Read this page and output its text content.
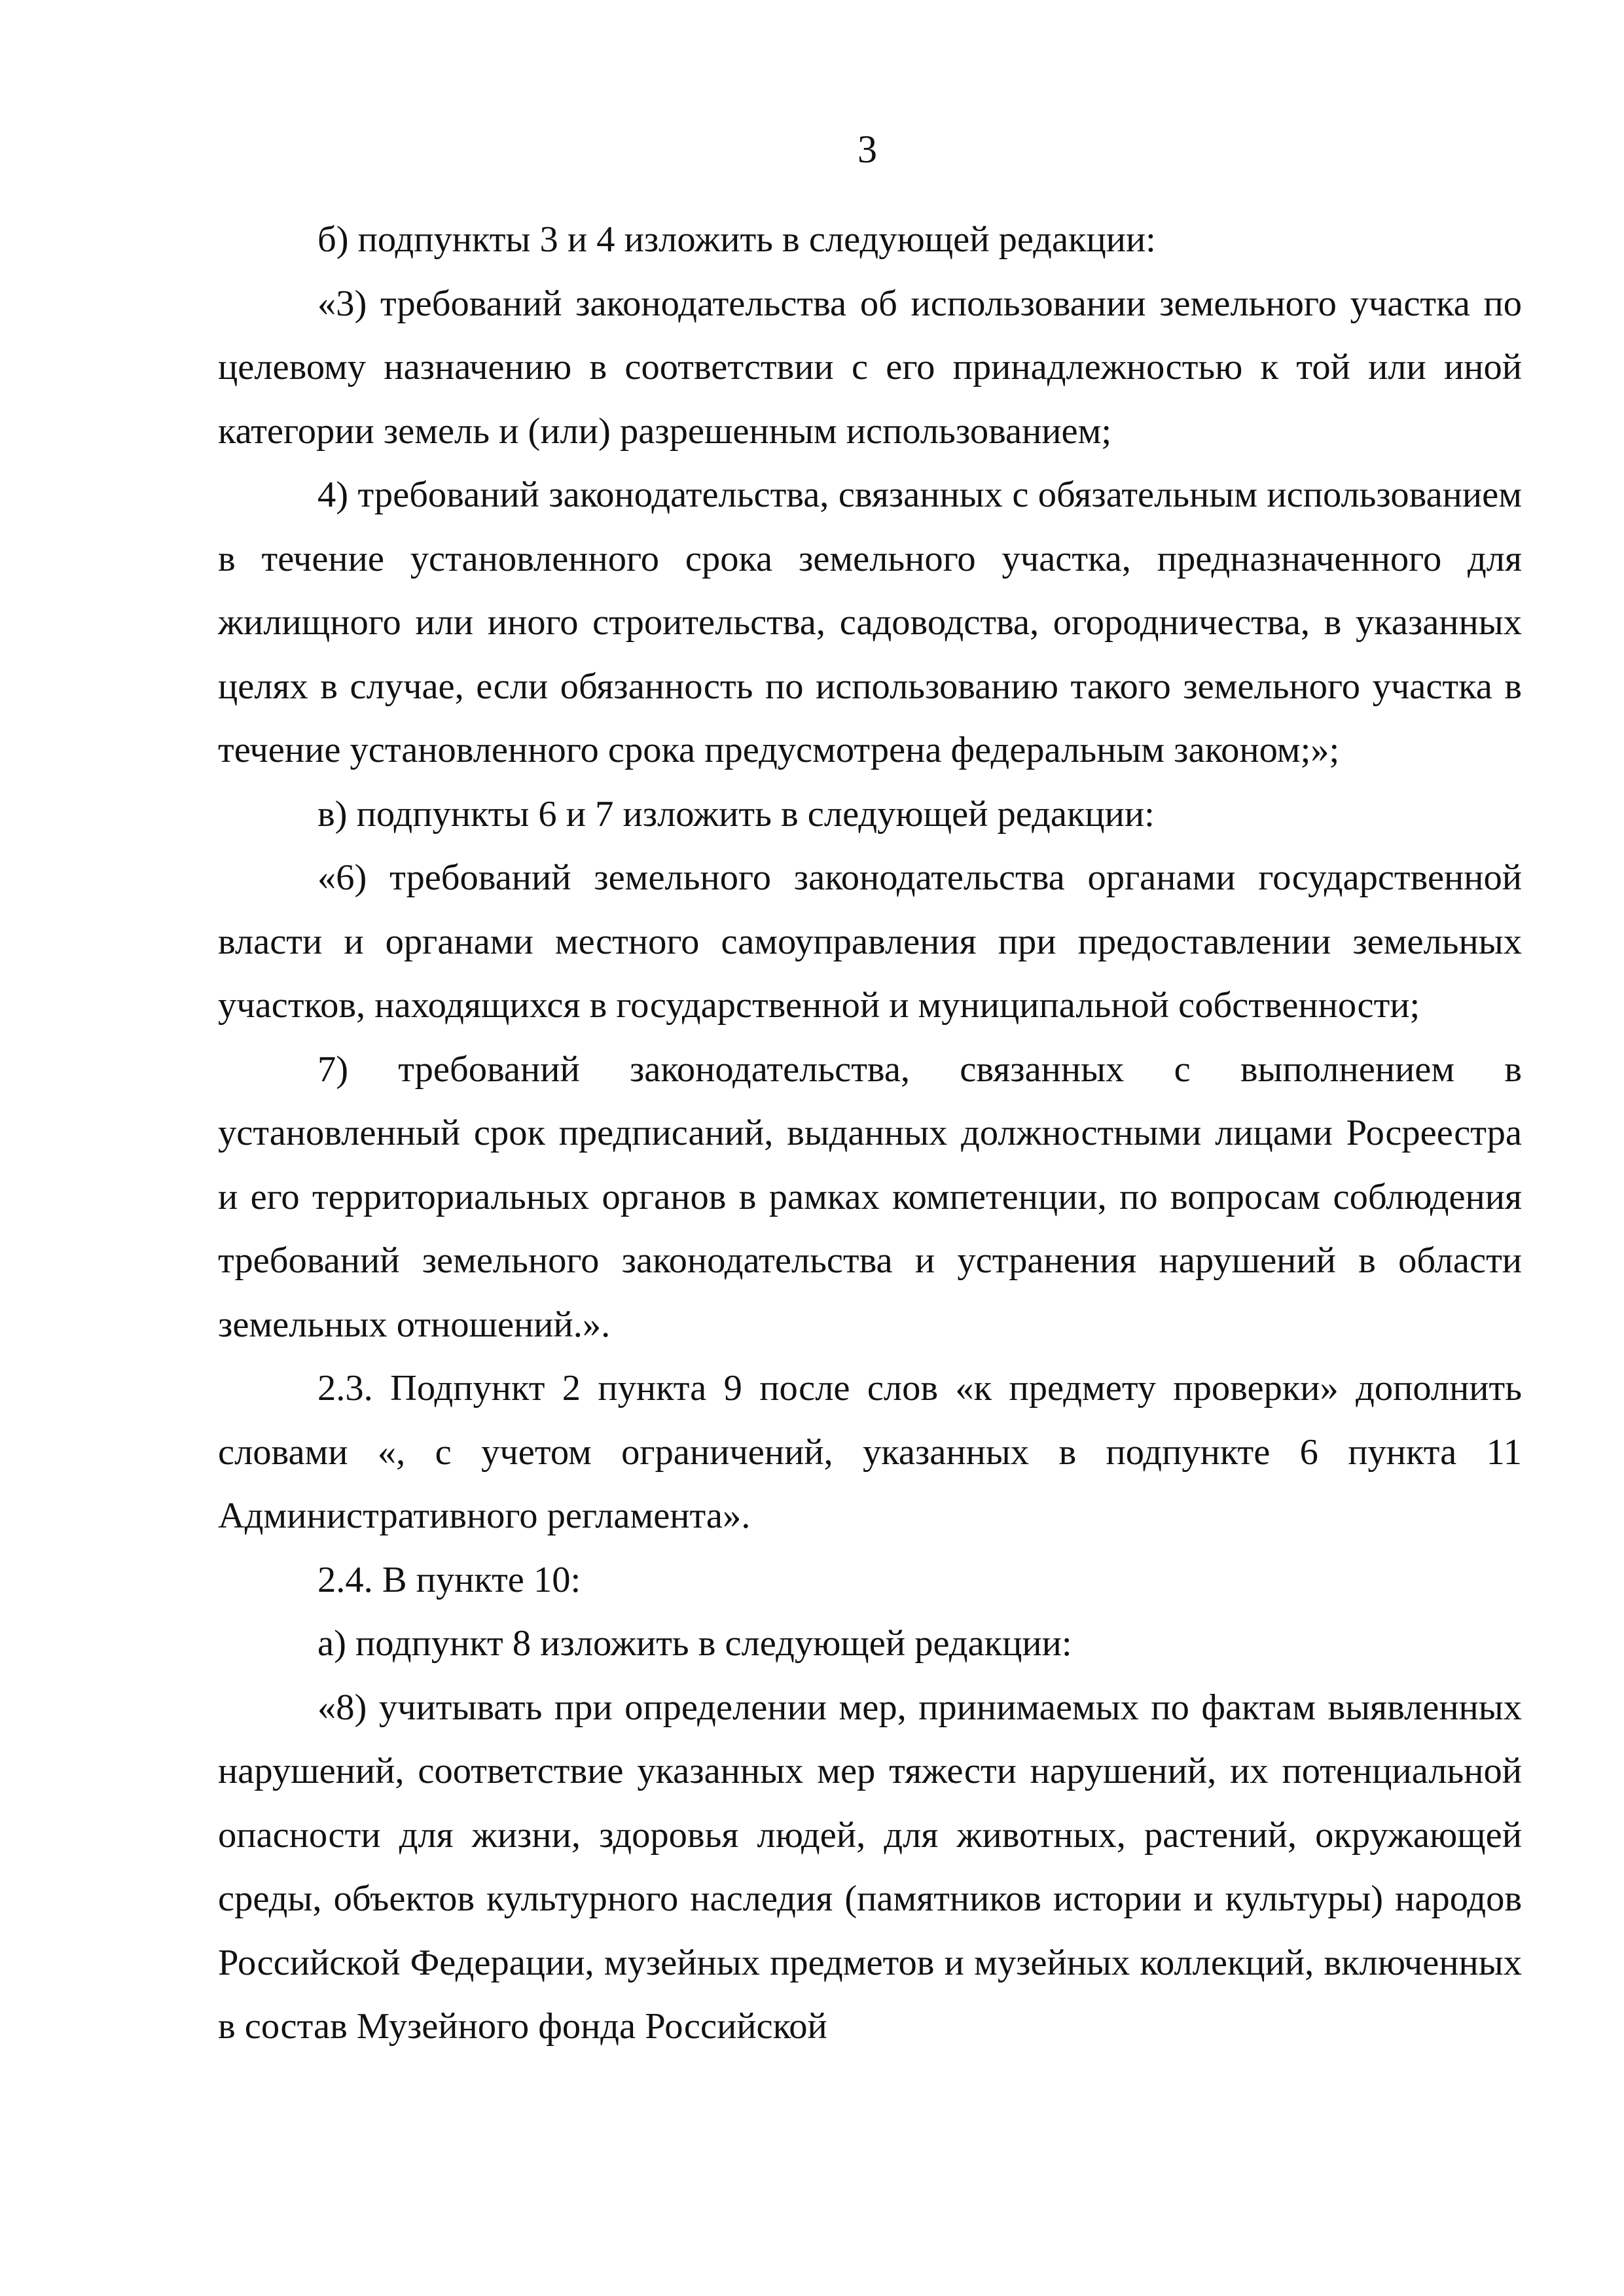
3

б) подпункты 3 и 4 изложить в следующей редакции:

«3) требований законодательства об использовании земельного участка по целевому назначению в соответствии с его принадлежностью к той или иной категории земель и (или) разрешенным использованием;

4) требований законодательства, связанных с обязательным использованием в течение установленного срока земельного участка, предназначенного для жилищного или иного строительства, садоводства, огородничества, в указанных целях в случае, если обязанность по использованию такого земельного участка в течение установленного срока предусмотрена федеральным законом;»;

в) подпункты 6 и 7 изложить в следующей редакции:

«6) требований земельного законодательства органами государственной власти и органами местного самоуправления при предоставлении земельных участков, находящихся в государственной и муниципальной собственности;

7) требований законодательства, связанных с выполнением в установленный срок предписаний, выданных должностными лицами Росреестра и его территориальных органов в рамках компетенции, по вопросам соблюдения требований земельного законодательства и устранения нарушений в области земельных отношений.».

2.3. Подпункт 2 пункта 9 после слов «к предмету проверки» дополнить словами «, с учетом ограничений, указанных в подпункте 6 пункта 11 Административного регламента».

2.4. В пункте 10:

а) подпункт 8 изложить в следующей редакции:

«8) учитывать при определении мер, принимаемых по фактам выявленных нарушений, соответствие указанных мер тяжести нарушений, их потенциальной опасности для жизни, здоровья людей, для животных, растений, окружающей среды, объектов культурного наследия (памятников истории и культуры) народов Российской Федерации, музейных предметов и музейных коллекций, включенных в состав Музейного фонда Российской
